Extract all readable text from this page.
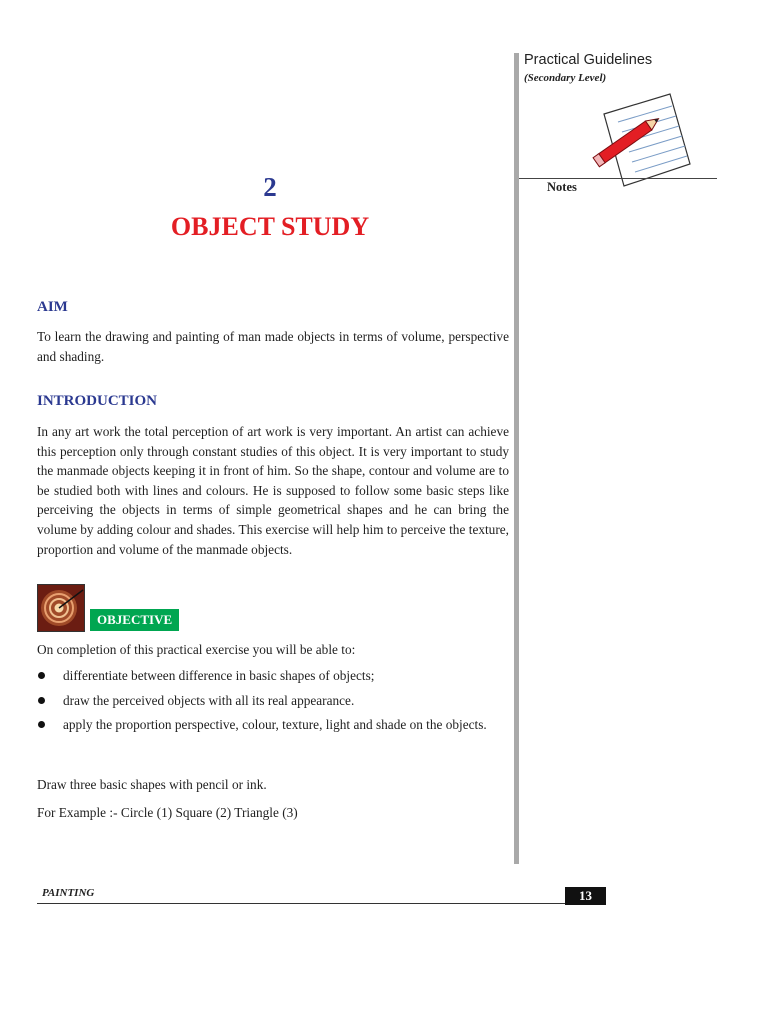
Practical Guidelines
(Secondary Level)
Notes
2
OBJECT STUDY
AIM
To learn the drawing and painting of man made objects in terms of volume, perspective and shading.
INTRODUCTION
In any art work the total perception of art work is very important. An artist can achieve this perception only through constant studies of this object. It is very important to study the manmade objects keeping it in front of him. So the shape, contour and volume are to be studied both with lines and colours. He is supposed to follow some basic steps like perceiving the objects in terms of simple geometrical shapes and he can bring the volume by adding colour and shades. This exercise will help him to perceive the texture, proportion and volume of the manmade objects.
OBJECTIVE
On completion of this practical exercise you will be able to:
differentiate between difference in basic shapes of objects;
draw the perceived objects with all its real appearance.
apply the proportion perspective, colour, texture, light and shade on the objects.
Draw three basic shapes with pencil or ink.
For Example :- Circle (1) Square (2) Triangle (3)
PAINTING	13
